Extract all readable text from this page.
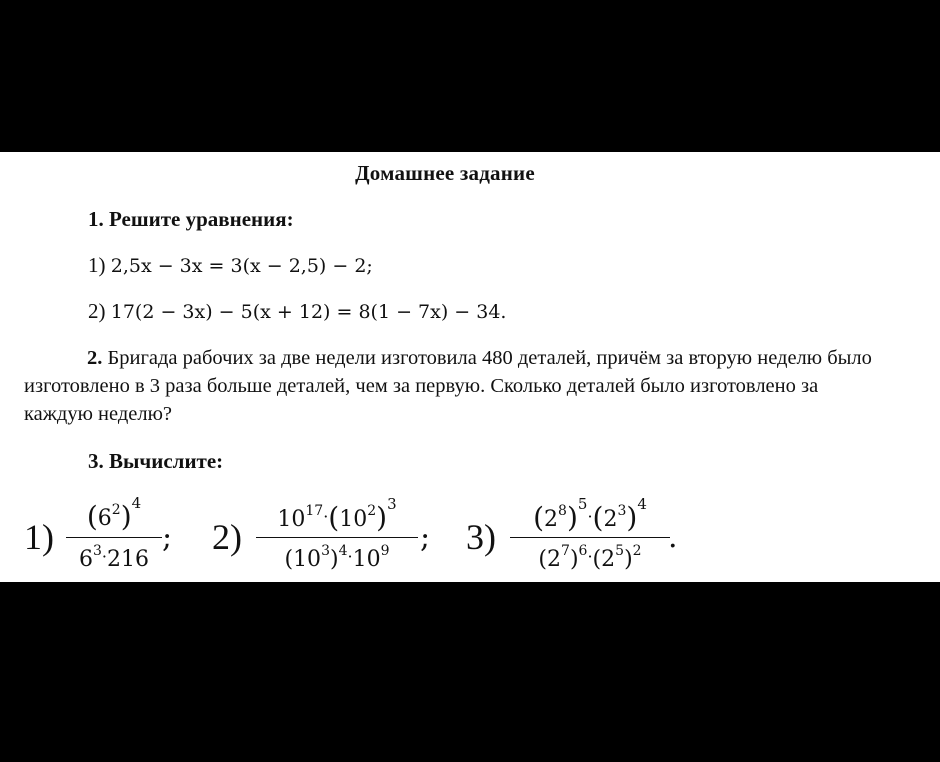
Домашнее задание
1. Решите уравнения:
1) 2,5x − 3x = 3(x − 2,5) − 2;
2) 17(2 − 3x) − 5(x + 12) = 8(1 − 7x) − 34.
2. Бригада рабочих за две недели изготовила 480 деталей, причём за вторую неделю было изготовлено в 3 раза больше деталей, чем за первую. Сколько деталей было изготовлено за каждую неделю?
3. Вычислите:
$1) \frac{(6^2)^4}{6^3\cdot 216}$ ; $2) \frac{10^{17}\cdot(10^2)^3}{(10^3)^4\cdot 10^9}$ ; $3) \frac{(2^8)^5\cdot(2^3)^4}{(2^7)^6\cdot(2^5)^2}$
.
